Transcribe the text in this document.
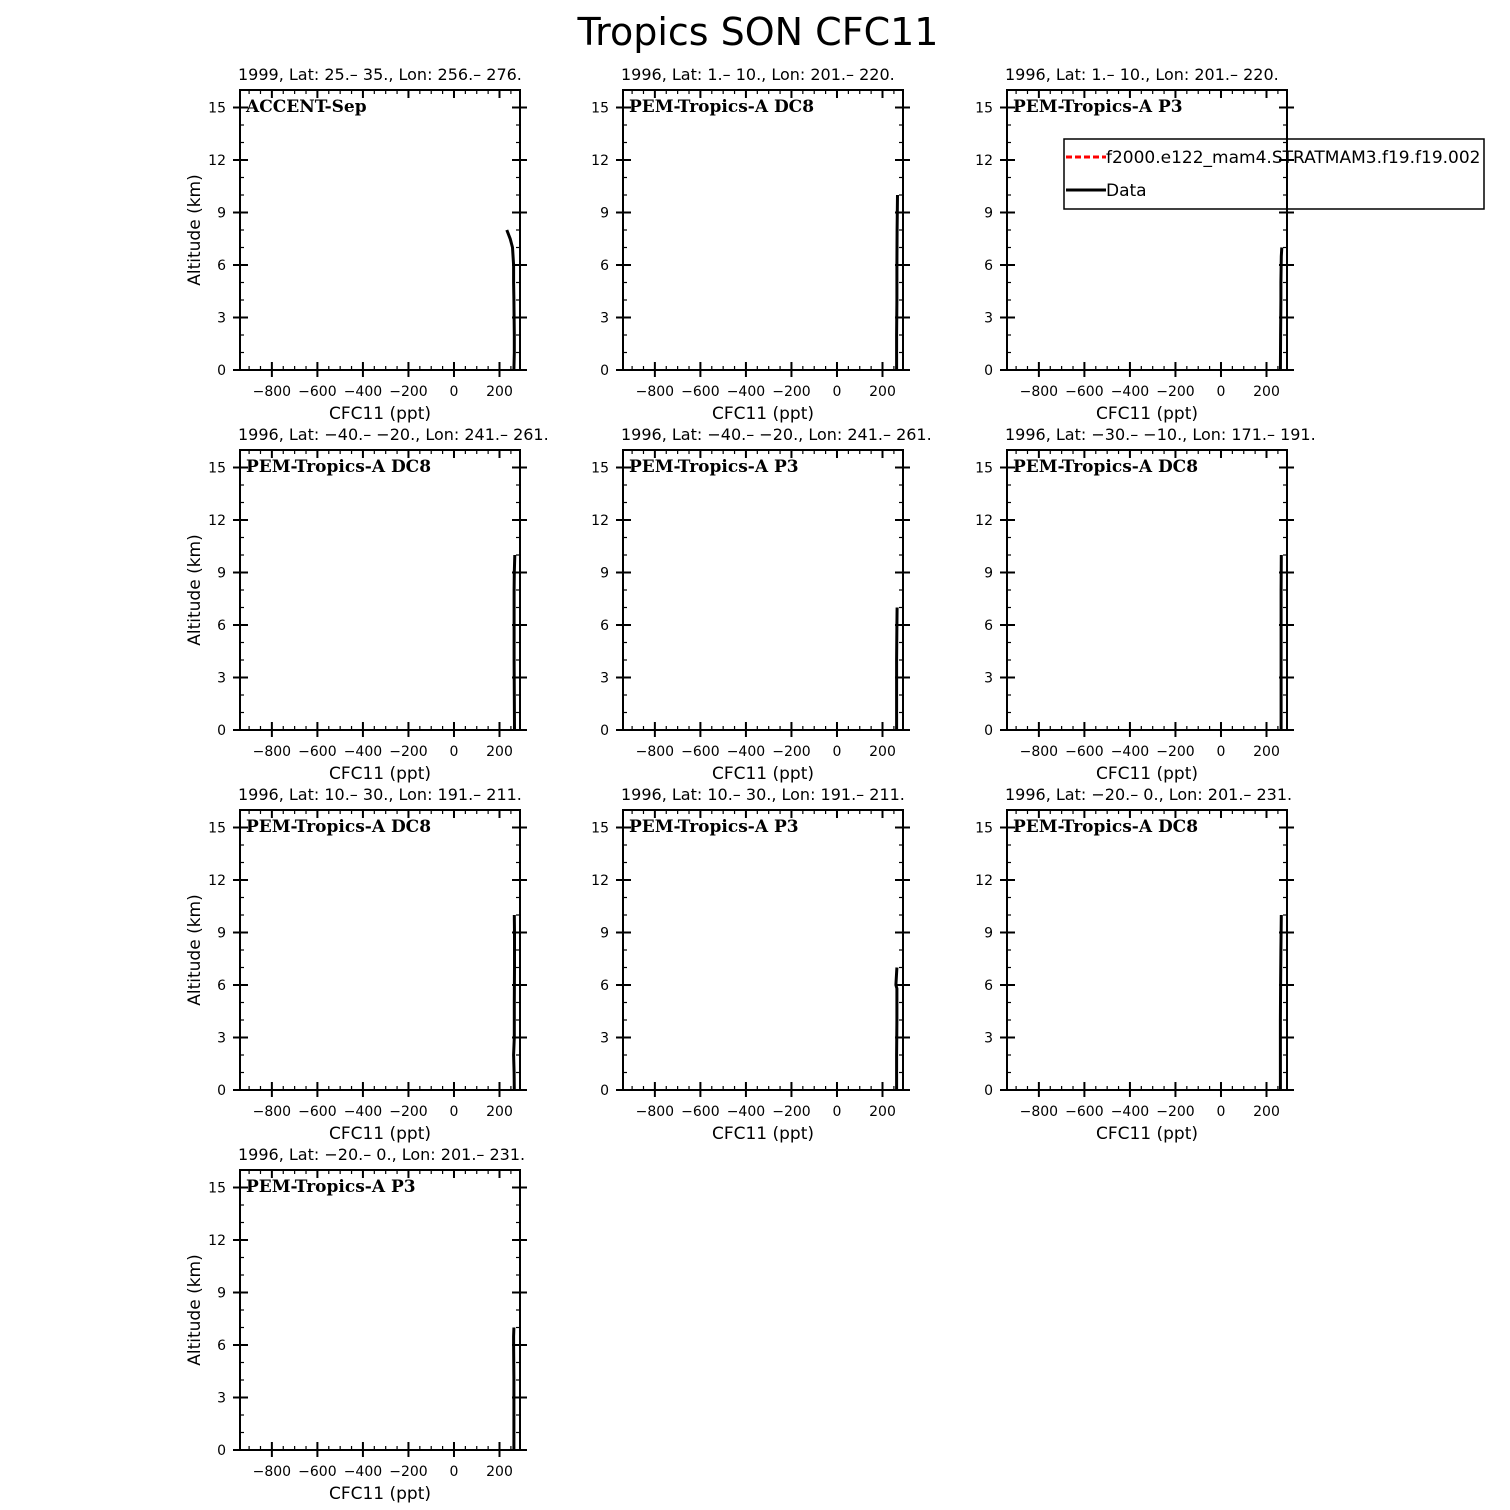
Tropics SON CFC11
1999, Lat: 25.– 35., Lon: 256.– 276.
ACCENT-Sep
−800 −600 −400 −200 0 200
0
3
6
9
12
15
CFC11 (ppt)
Altitude (km)
1996, Lat: 1.– 10., Lon: 201.– 220.
PEM-Tropics-A DC8
−800 −600 −400 −200 0 200
0
3
6
9
12
15
CFC11 (ppt)
1996, Lat: 1.– 10., Lon: 201.– 220.
PEM-Tropics-A P3
−800 −600 −400 −200 0 200
0
3
6
9
12
15
CFC11 (ppt)
1996, Lat: −40.– −20., Lon: 241.– 261.
PEM-Tropics-A DC8
−800 −600 −400 −200 0 200
0
3
6
9
12
15
CFC11 (ppt)
Altitude (km)
1996, Lat: −40.– −20., Lon: 241.– 261.
PEM-Tropics-A P3
−800 −600 −400 −200 0 200
0
3
6
9
12
15
CFC11 (ppt)
1996, Lat: −30.– −10., Lon: 171.– 191.
PEM-Tropics-A DC8
−800 −600 −400 −200 0 200
0
3
6
9
12
15
CFC11 (ppt)
1996, Lat: 10.– 30., Lon: 191.– 211.
PEM-Tropics-A DC8
−800 −600 −400 −200 0 200
0
3
6
9
12
15
CFC11 (ppt)
Altitude (km)
1996, Lat: 10.– 30., Lon: 191.– 211.
PEM-Tropics-A P3
−800 −600 −400 −200 0 200
0
3
6
9
12
15
CFC11 (ppt)
1996, Lat: −20.– 0., Lon: 201.– 231.
PEM-Tropics-A DC8
−800 −600 −400 −200 0 200
0
3
6
9
12
15
CFC11 (ppt)
1996, Lat: −20.– 0., Lon: 201.– 231.
PEM-Tropics-A P3
−800 −600 −400 −200 0 200
0
3
6
9
12
15
CFC11 (ppt)
Altitude (km)
f2000.e122_mam4.STRATMAM3.f19.f19.002
Data
